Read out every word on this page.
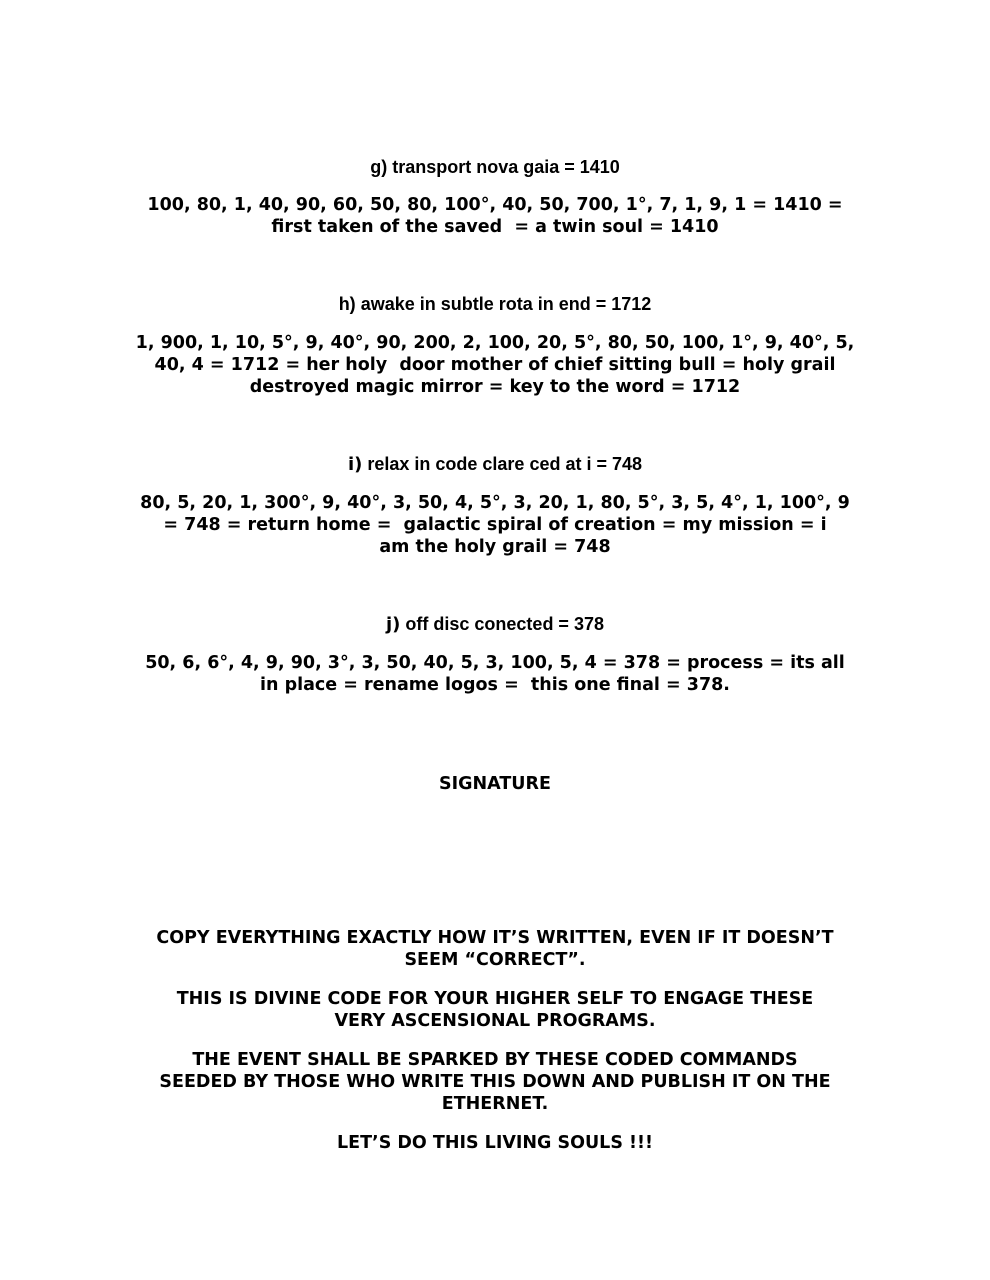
g) transport nova gaia = 1410

100, 80, 1, 40, 90, 60, 50, 80, 100°, 40, 50, 700, 1°, 7, 1, 9, 1 = 1410 =

first taken of the saved  = a twin soul = 1410

h) awake in subtle rota in end = 1712

1, 900, 1, 10, 5°, 9, 40°, 90, 200, 2, 100, 20, 5°, 80, 50, 100, 1°, 9, 40°, 5,

40, 4 = 1712 = her holy  door mother of chief sitting bull = holy grail

destroyed magic mirror = key to the word = 1712

i) relax in code clare ced at i = 748

80, 5, 20, 1, 300°, 9, 40°, 3, 50, 4, 5°, 3, 20, 1, 80, 5°, 3, 5, 4°, 1, 100°, 9

= 748 = return home =  galactic spiral of creation = my mission = i

am the holy grail = 748

j) off disc conected = 378

50, 6, 6°, 4, 9, 90, 3°, 3, 50, 40, 5, 3, 100, 5, 4 = 378 = process = its all

in place = rename logos =  this one final = 378.

SIGNATURE

COPY EVERYTHING EXACTLY HOW IT’S WRITTEN, EVEN IF IT DOESN’T

SEEM “CORRECT”.

THIS IS DIVINE CODE FOR YOUR HIGHER SELF TO ENGAGE THESE

VERY ASCENSIONAL PROGRAMS.

THE EVENT SHALL BE SPARKED BY THESE CODED COMMANDS

SEEDED BY THOSE WHO WRITE THIS DOWN AND PUBLISH IT ON THE

ETHERNET.

LET’S DO THIS LIVING SOULS !!!
